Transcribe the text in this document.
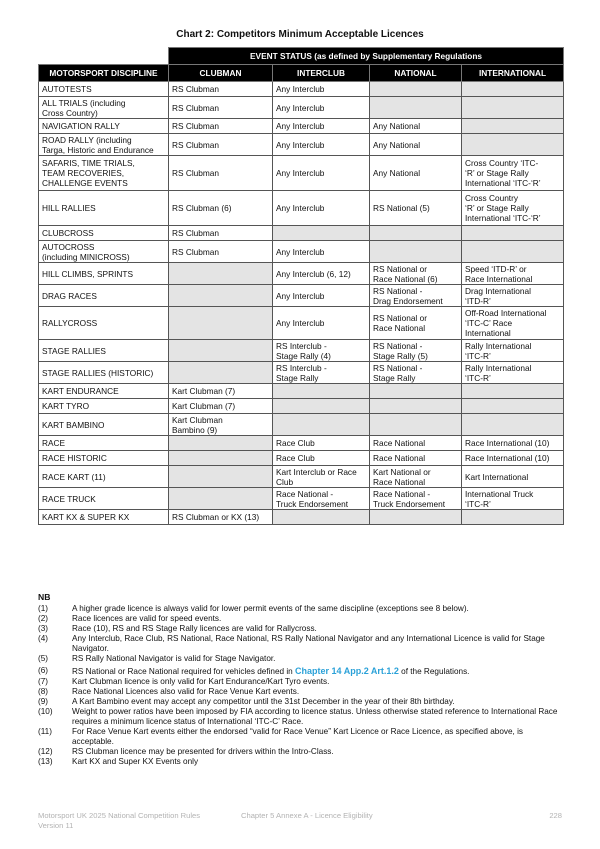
Chart 2: Competitors Minimum Acceptable Licences
	EVENT STATUS (as defined by Supplementary Regulations			
MOTORSPORT DISCIPLINE	CLUBMAN	INTERCLUB	NATIONAL	INTERNATIONAL
AUTOTESTS	RS Clubman	Any Interclub		
ALL TRIALS (including
Cross Country)	RS Clubman	Any Interclub		
NAVIGATION RALLY	RS Clubman	Any Interclub	Any National	
ROAD RALLY (including
Targa, Historic and Endurance	RS Clubman	Any Interclub	Any National	
SAFARIS, TIME TRIALS,
TEAM RECOVERIES,
CHALLENGE EVENTS	RS Clubman	Any Interclub	Any National	Cross Country ‘ITC-
‘R’ or Stage Rally
International ‘ITC-‘R’
HILL RALLIES	RS Clubman (6)	Any Interclub	RS National (5)	Cross Country
‘R’ or Stage Rally
International ‘ITC-‘R’
CLUBCROSS	RS Clubman			
AUTOCROSS
(including MINICROSS)	RS Clubman	Any Interclub		
HILL CLIMBS, SPRINTS		Any Interclub (6, 12)	RS National or
Race National (6)	Speed ‘ITD-R’ or
Race International
DRAG RACES		Any Interclub	RS National -
Drag Endorsement	Drag International
‘ITD-R’
RALLYCROSS		Any Interclub	RS National or
Race National	Off-Road International
‘ITC-C’ Race
International
STAGE RALLIES		RS Interclub -
Stage Rally (4)	RS National -
Stage Rally (5)	Rally International
‘ITC-R’
STAGE RALLIES (HISTORIC)		RS Interclub -
Stage Rally	RS National -
Stage Rally	Rally International
‘ITC-R’
KART ENDURANCE	Kart Clubman (7)			
KART TYRO	Kart Clubman (7)			
KART BAMBINO	Kart Clubman
Bambino (9)			
RACE		Race Club	Race National	Race International (10)
RACE HISTORIC		Race Club	Race National	Race International (10)
RACE KART (11)		Kart Interclub or Race
Club	Kart National or
Race National	Kart International
RACE TRUCK		Race National -
Truck Endorsement	Race National -
Truck Endorsement	International Truck
‘ITC-R’
KART KX & SUPER KX	RS Clubman or KX (13)			
NB
(1)	A higher grade licence is always valid for lower permit events of the same discipline (exceptions see 8 below).
(2)	Race licences are valid for speed events.
(3)	Race (10), RS and RS Stage Rally licences are valid for Rallycross.
(4)	Any Interclub, Race Club, RS National, Race National, RS Rally National Navigator and any International Licence is valid for Stage Navigator.
(5)	RS Rally National Navigator is valid for Stage Navigator.
(6)	RS National or Race National required for vehicles defined in Chapter 14 App.2 Art.1.2 of the Regulations.
(7)	Kart Clubman licence is only valid for Kart Endurance/Kart Tyro events.
(8)	Race National Licences also valid for Race Venue Kart events.
(9)	A Kart Bambino event may accept any competitor until the 31st December in the year of their 8th birthday.
(10)	Weight to power ratios have been imposed by FIA according to licence status. Unless otherwise stated reference to International Race requires a minimum licence status of International ‘ITC-C’ Race.
(11)	For Race Venue Kart events either the endorsed “valid for Race Venue” Kart Licence or Race Licence, as specified above, is acceptable.
(12)	RS Clubman licence may be presented for drivers within the Intro-Class.
(13)	Kart KX and Super KX Events only
Motorsport UK 2025 National Competition Rules
Version 11
Chapter 5 Annexe A - Licence Eligibility	228
